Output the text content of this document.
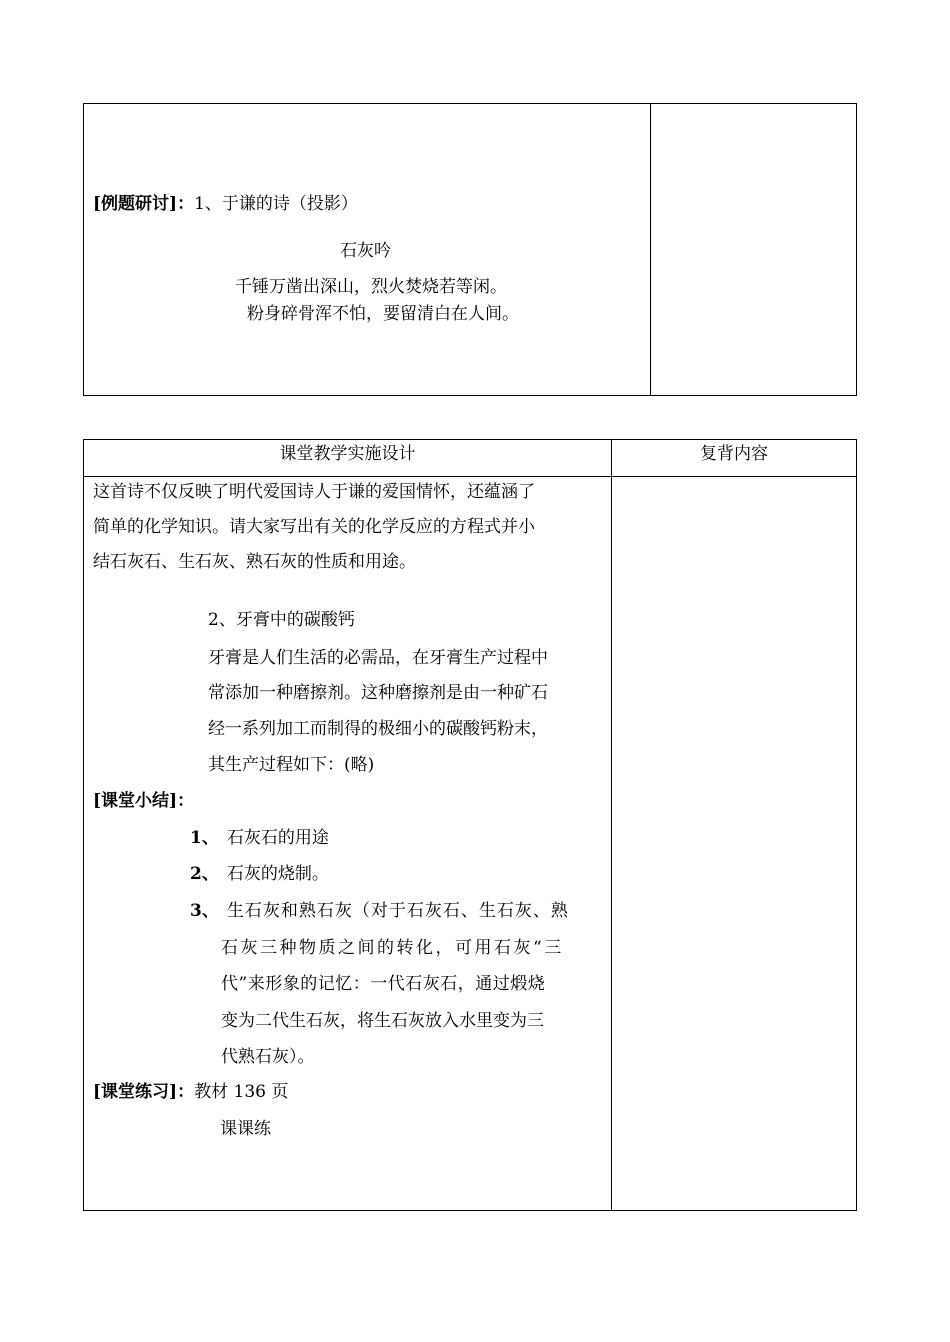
[例题研讨]：1、于谦的诗（投影）
石灰吟
千锤万凿出深山，烈火焚烧若等闲。
粉身碎骨浑不怕，要留清白在人间。
课堂教学实施设计	复背内容
这首诗不仅反映了明代爱国诗人于谦的爱国情怀，还蕴涵了
简单的化学知识。请大家写出有关的化学反应的方程式并小
结石灰石、生石灰、熟石灰的性质和用途。
2、牙膏中的碳酸钙
牙膏是人们生活的必需品，在牙膏生产过程中
常添加一种磨擦剂。这种磨擦剂是由一种矿石
经一系列加工而制得的极细小的碳酸钙粉末，
其生产过程如下：(略)
[课堂小结]：
1、 石灰石的用途
2、 石灰的烧制。
3、 生石灰和熟石灰（对于石灰石、生石灰、熟
石灰三种物质之间的转化，可用石灰“三
代”来形象的记忆：一代石灰石，通过煅烧
变为二代生石灰，将生石灰放入水里变为三
代熟石灰）。
[课堂练习]：教材 136 页
课课练
